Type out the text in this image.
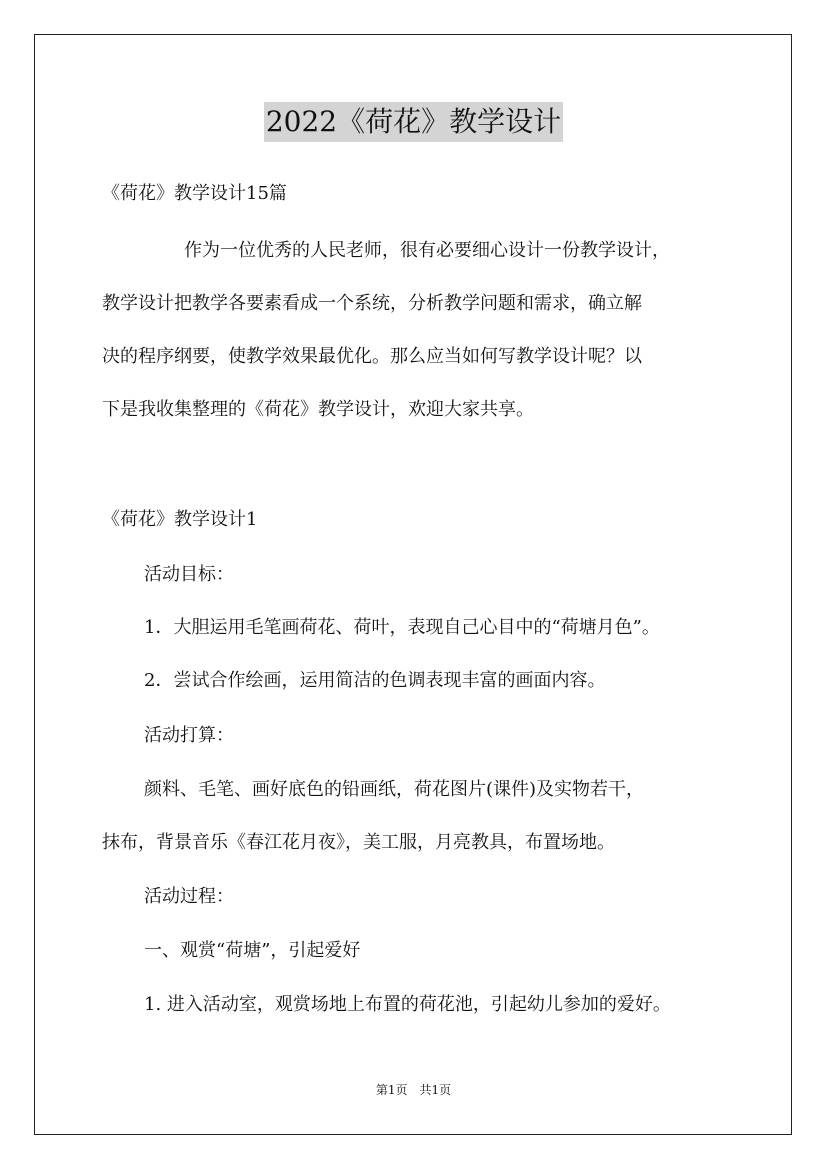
2022《荷花》教学设计
《荷花》教学设计15篇
作为一位优秀的人民老师，很有必要细心设计一份教学设计，
教学设计把教学各要素看成一个系统，分析教学问题和需求，确立解
决的程序纲要，使教学效果最优化。那么应当如何写教学设计呢？以
下是我收集整理的《荷花》教学设计，欢迎大家共享。
《荷花》教学设计1
活动目标：
1．大胆运用毛笔画荷花、荷叶，表现自己心目中的“荷塘月色”。
2．尝试合作绘画，运用简洁的色调表现丰富的画面内容。
活动打算：
颜料、毛笔、画好底色的铅画纸，荷花图片(课件)及实物若干，
抹布，背景音乐《春江花月夜》，美工服，月亮教具，布置场地。
活动过程：
一、观赏“荷塘”，引起爱好
1. 进入活动室，观赏场地上布置的荷花池，引起幼儿参加的爱好。
第1页　共1页
